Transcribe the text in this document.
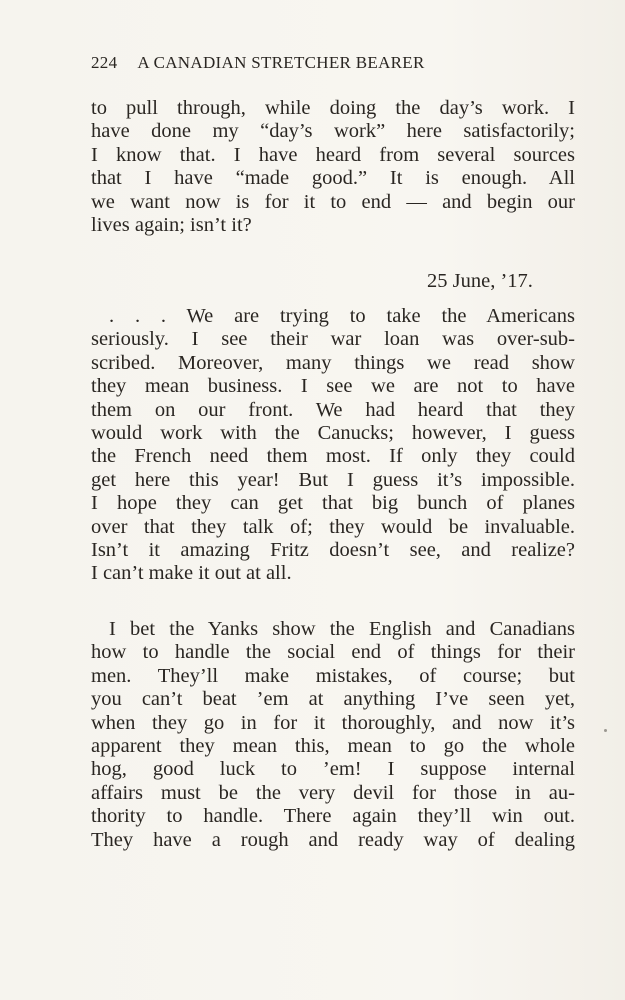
224 A CANADIAN STRETCHER BEARER
to pull through, while doing the day’s work. I
have done my “day’s work” here satisfactorily;
I know that. I have heard from several sources
that I have “made good.” It is enough. All
we want now is for it to end — and begin our
lives again; isn’t it?
25 June, ’17.
. . . We are trying to take the Americans
seriously. I see their war loan was over-sub-
scribed. Moreover, many things we read show
they mean business. I see we are not to have
them on our front. We had heard that they
would work with the Canucks; however, I guess
the French need them most. If only they could
get here this year! But I guess it’s impossible.
I hope they can get that big bunch of planes
over that they talk of; they would be invaluable.
Isn’t it amazing Fritz doesn’t see, and realize?
I can’t make it out at all.
I bet the Yanks show the English and Canadians
how to handle the social end of things for their
men. They’ll make mistakes, of course; but
you can’t beat ’em at anything I’ve seen yet,
when they go in for it thoroughly, and now it’s
apparent they mean this, mean to go the whole
hog, good luck to ’em! I suppose internal
affairs must be the very devil for those in au-
thority to handle. There again they’ll win out.
They have a rough and ready way of dealing
